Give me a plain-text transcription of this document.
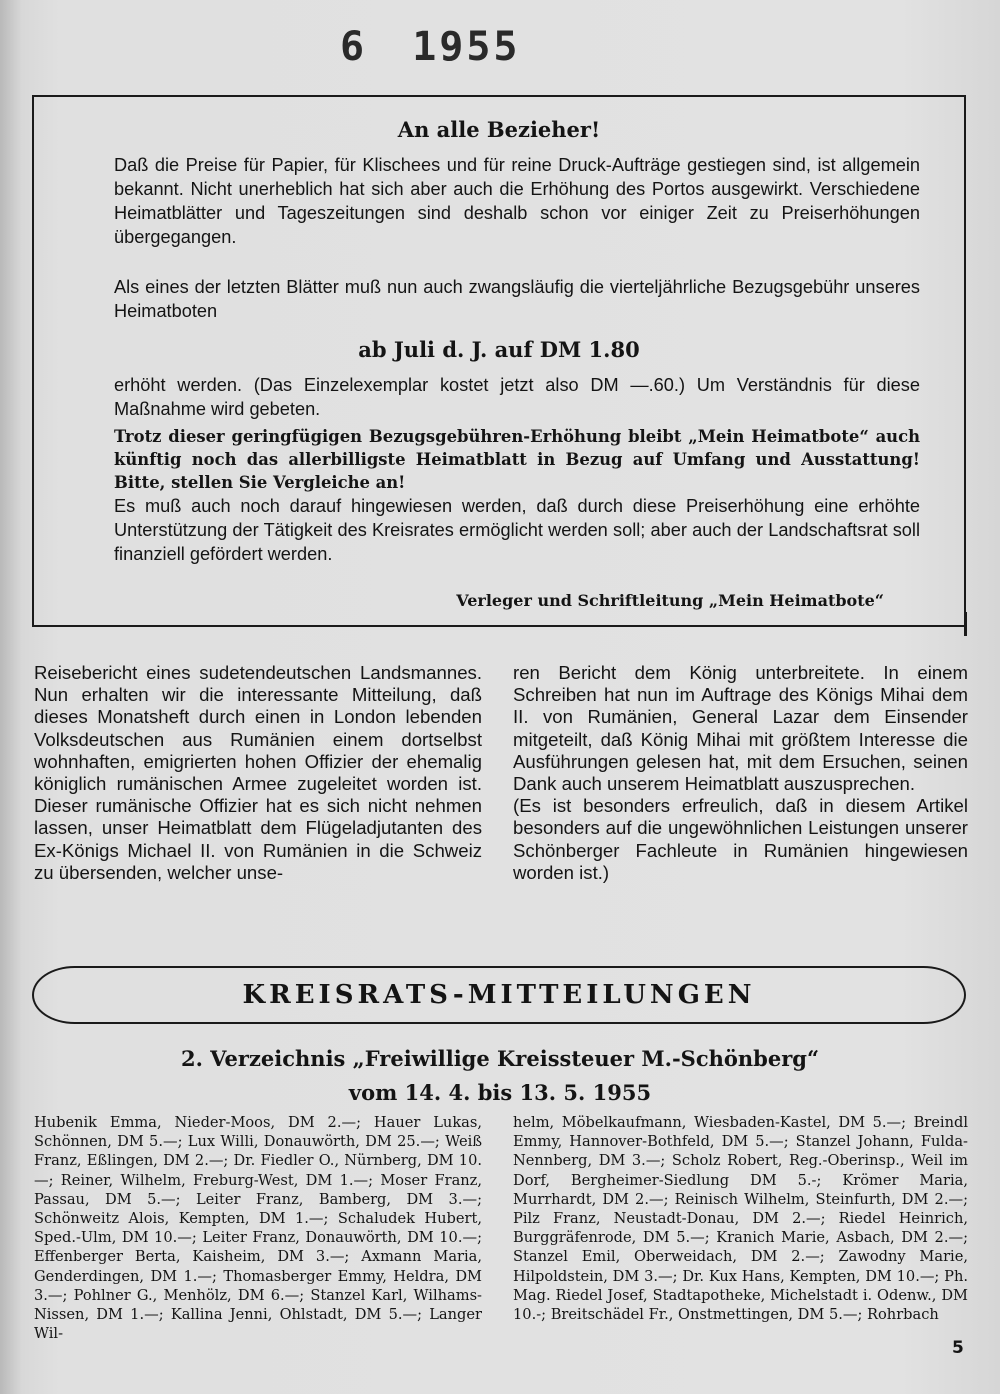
6 1955
An alle Bezieher!

Daß die Preise für Papier, für Klischees und für reine Druck-Aufträge gestiegen sind, ist allgemein bekannt. Nicht unerheblich hat sich aber auch die Erhöhung des Portos ausgewirkt. Verschiedene Heimatblätter und Tageszeitungen sind deshalb schon vor einiger Zeit zu Preiserhöhungen übergegangen.

Als eines der letzten Blätter muß nun auch zwangsläufig die vierteljährliche Bezugsgebühr unseres Heimatboten

ab Juli d. J. auf DM 1.80

erhöht werden. (Das Einzelexemplar kostet jetzt also DM —.60.) Um Verständnis für diese Maßnahme wird gebeten.

Trotz dieser geringfügigen Bezugsgebühren-Erhöhung bleibt „Mein Heimatbote“ auch künftig noch das allerbilligste Heimatblatt in Bezug auf Umfang und Ausstattung! Bitte, stellen Sie Vergleiche an!

Es muß auch noch darauf hingewiesen werden, daß durch diese Preiserhöhung eine erhöhte Unterstützung der Tätigkeit des Kreisrates ermöglicht werden soll; aber auch der Landschaftsrat soll finanziell gefördert werden.

Verleger und Schriftleitung „Mein Heimatbote“

Reisebericht eines sudetendeutschen Landsmannes. Nun erhalten wir die interessante Mitteilung, daß dieses Monatsheft durch einen in London lebenden Volksdeutschen aus Rumänien einem dortselbst wohnhaften, emigrierten hohen Offizier der ehemalig königlich rumänischen Armee zugeleitet worden ist. Dieser rumänische Offizier hat es sich nicht nehmen lassen, unser Heimatblatt dem Flügeladjutanten des Ex-Königs Michael II. von Rumänien in die Schweiz zu übersenden, welcher unse-

ren Bericht dem König unterbreitete. In einem Schreiben hat nun im Auftrage des Königs Mihai dem II. von Rumänien, General Lazar dem Einsender mitgeteilt, daß König Mihai mit größtem Interesse die Ausführungen gelesen hat, mit dem Ersuchen, seinen Dank auch unserem Heimatblatt auszusprechen.
(Es ist besonders erfreulich, daß in diesem Artikel besonders auf die ungewöhnlichen Leistungen unserer Schönberger Fachleute in Rumänien hingewiesen worden ist.)
KREISRATS-MITTEILUNGEN
2. Verzeichnis „Freiwillige Kreissteuer M.-Schönberg“
vom 14. 4. bis 13. 5. 1955

Hubenik Emma, Nieder-Moos, DM 2.—; Hauer Lukas, Schönnen, DM 5.—; Lux Willi, Donauwörth, DM 25.—; Weiß Franz, Eßlingen, DM 2.—; Dr. Fiedler O., Nürnberg, DM 10.—; Reiner, Wilhelm, Freburg-West, DM 1.—; Moser Franz, Passau, DM 5.—; Leiter Franz, Bamberg, DM 3.—; Schönweitz Alois, Kempten, DM 1.—; Schaludek Hubert, Sped.-Ulm, DM 10.—; Leiter Franz, Donauwörth, DM 10.—; Effenberger Berta, Kaisheim, DM 3.—; Axmann Maria, Genderdingen, DM 1.—; Thomasberger Emmy, Heldra, DM 3.—; Pohlner G., Menhölz, DM 6.—; Stanzel Karl, Wilhams-Nissen, DM 1.—; Kallina Jenni, Ohlstadt, DM 5.—; Langer Wil-

helm, Möbelkaufmann, Wiesbaden-Kastel, DM 5.—; Breindl Emmy, Hannover-Bothfeld, DM 5.—; Stanzel Johann, Fulda-Nennberg, DM 3.—; Scholz Robert, Reg.-Oberinsp., Weil im Dorf, Bergheimer-Siedlung DM 5.-; Krömer Maria, Murrhardt, DM 2.—; Reinisch Wilhelm, Steinfurth, DM 2.—; Pilz Franz, Neustadt-Donau, DM 2.—; Riedel Heinrich, Burggräfenrode, DM 5.—; Kranich Marie, Asbach, DM 2.—; Stanzel Emil, Oberweidach, DM 2.—; Zawodny Marie, Hilpoldstein, DM 3.—; Dr. Kux Hans, Kempten, DM 10.—; Ph. Mag. Riedel Josef, Stadtapotheke, Michelstadt i. Odenw., DM 10.-; Breitschädel Fr., Onstmettingen, DM 5.—; Rohrbach

5
